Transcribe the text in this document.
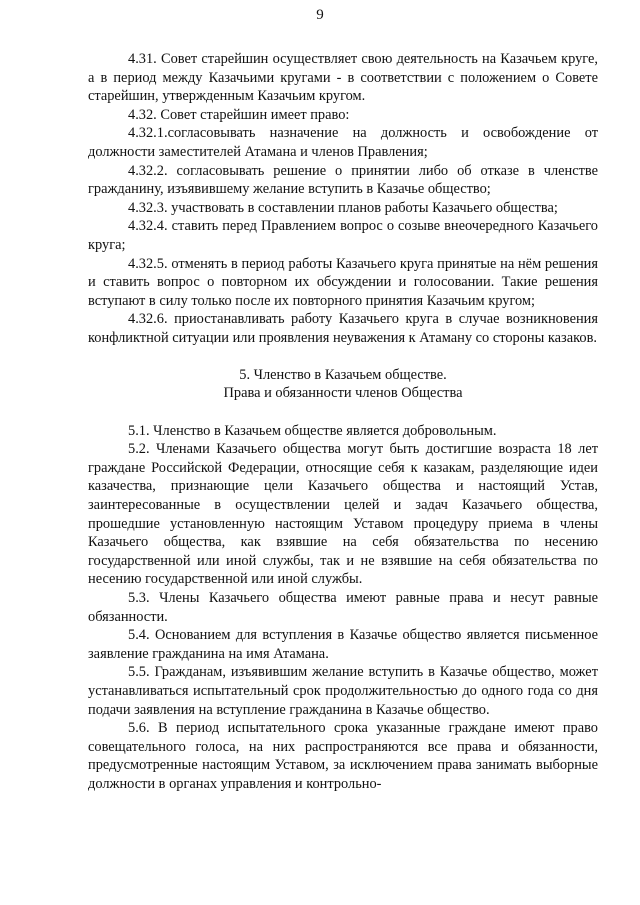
9

4.31. Совет старейшин осуществляет свою деятельность на Казачьем круге, а в период между Казачьими кругами - в соответствии с положением о Совете старейшин, утвержденным Казачьим кругом.

4.32. Совет старейшин имеет право:

4.32.1.согласовывать назначение на должность и освобождение от должности заместителей Атамана и членов Правления;

4.32.2. согласовывать решение о принятии либо об отказе в членстве гражданину, изъявившему желание вступить в Казачье общество;

4.32.3. участвовать в составлении планов работы Казачьего общества;

4.32.4. ставить перед Правлением вопрос о созыве внеочередного Казачьего круга;

4.32.5. отменять в период работы Казачьего круга принятые на нём решения и ставить вопрос о повторном их обсуждении и голосовании. Такие решения вступают в силу только после их повторного принятия Казачьим кругом;

4.32.6. приостанавливать работу Казачьего круга в случае возникновения конфликтной ситуации или проявления неуважения к Атаману со стороны казаков.

5. Членство в Казачьем обществе.
Права и обязанности членов Общества

5.1. Членство в Казачьем обществе является добровольным.

5.2. Членами Казачьего общества могут быть достигшие возраста 18 лет граждане Российской Федерации, относящие себя к казакам, разделяющие идеи казачества, признающие цели Казачьего общества и настоящий Устав, заинтересованные в осуществлении целей и задач Казачьего общества, прошедшие установленную настоящим Уставом процедуру приема в члены Казачьего общества, как взявшие на себя обязательства по несению государственной или иной службы, так и не взявшие на себя обязательства по несению государственной или иной службы.

5.3. Члены Казачьего общества имеют равные права и несут равные обязанности.

5.4. Основанием для вступления в Казачье общество является письменное заявление гражданина на имя Атамана.

5.5. Гражданам, изъявившим желание вступить в Казачье общество, может устанавливаться испытательный срок продолжительностью до одного года со дня подачи заявления на вступление гражданина в Казачье общество.

5.6. В период испытательного срока указанные граждане имеют право совещательного голоса, на них распространяются все права и обязанности, предусмотренные настоящим Уставом, за исключением права занимать выборные должности в органах управления и контрольно-
